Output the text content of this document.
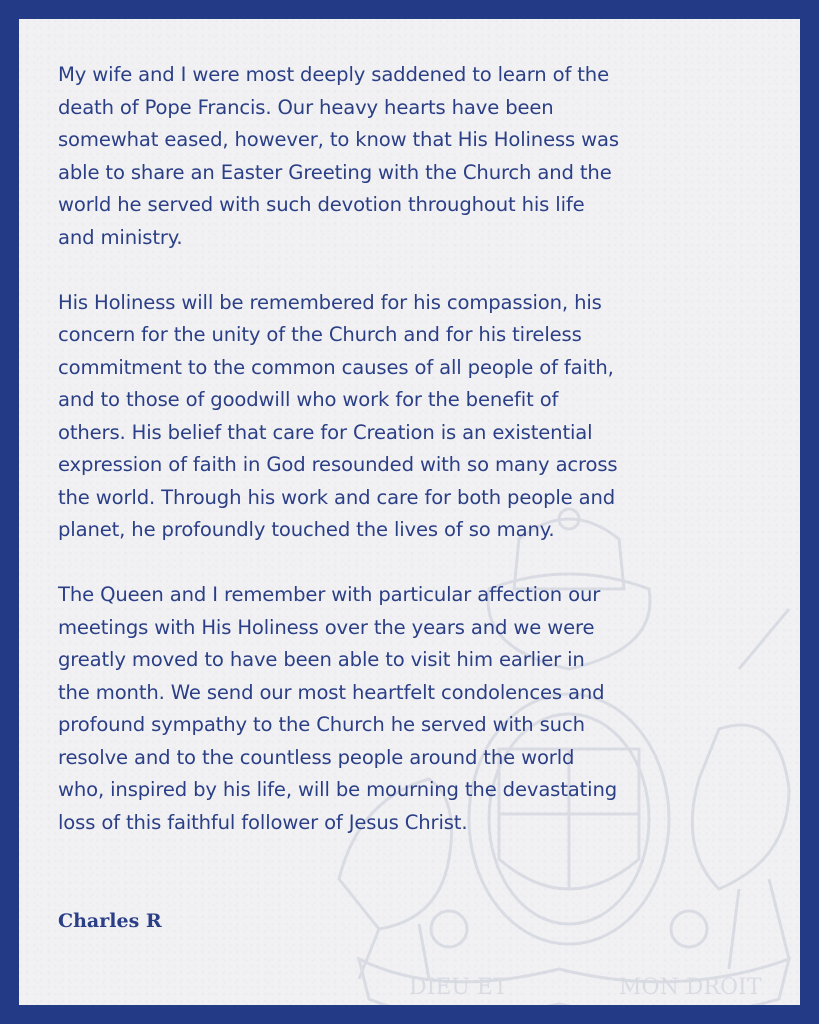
DIEU ET	MON DROIT

My wife and I were most deeply saddened to learn of the
death of Pope Francis. Our heavy hearts have been
somewhat eased, however, to know that His Holiness was
able to share an Easter Greeting with the Church and the
world he served with such devotion throughout his life
and ministry.

His Holiness will be remembered for his compassion, his
concern for the unity of the Church and for his tireless
commitment to the common causes of all people of faith,
and to those of goodwill who work for the benefit of
others. His belief that care for Creation is an existential
expression of faith in God resounded with so many across
the world. Through his work and care for both people and
planet, he profoundly touched the lives of so many.

The Queen and I remember with particular affection our
meetings with His Holiness over the years and we were
greatly moved to have been able to visit him earlier in
the month. We send our most heartfelt condolences and
profound sympathy to the Church he served with such
resolve and to the countless people around the world
who, inspired by his life, will be mourning the devastating
loss of this faithful follower of Jesus Christ.

Charles R
